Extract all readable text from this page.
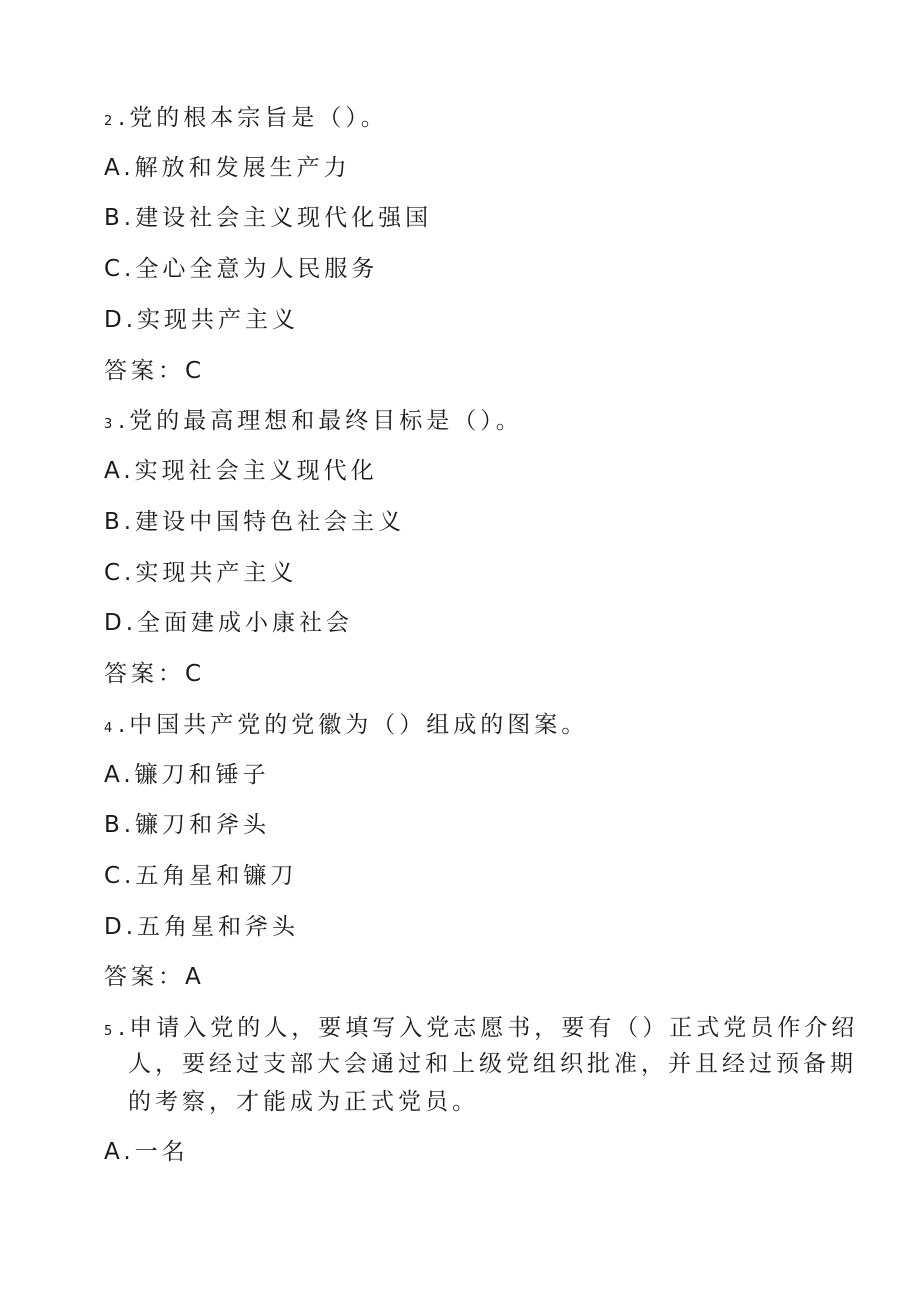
2 .党的根本宗旨是（）。
A.解放和发展生产力
B.建设社会主义现代化强国
C.全心全意为人民服务
D.实现共产主义
答案：C
3 .党的最高理想和最终目标是（）。
A.实现社会主义现代化
B.建设中国特色社会主义
C.实现共产主义
D.全面建成小康社会
答案：C
4 .中国共产党的党徽为（）组成的图案。
A.镰刀和锤子
B.镰刀和斧头
C.五角星和镰刀
D.五角星和斧头
答案：A
5 .申请入党的人，要填写入党志愿书，要有（）正式党员作介绍
人，要经过支部大会通过和上级党组织批准，并且经过预备期
的考察，才能成为正式党员。
A.一名
